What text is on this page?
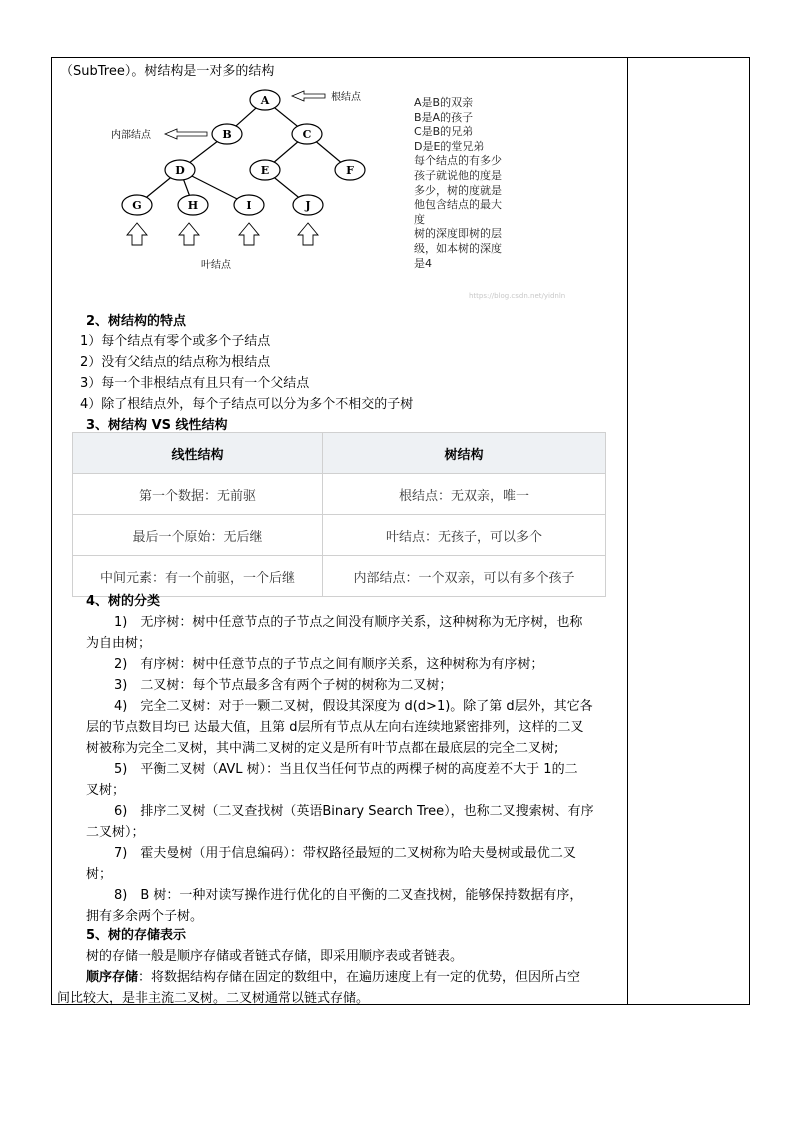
（SubTree）。树结构是一对多的结构
A
B	C
D	E	F
G	H	I	J
根结点
内部结点
叶结点
https://blog.csdn.net/yidnln
A是B的双亲
B是A的孩子
C是B的兄弟
D是E的堂兄弟
每个结点的有多少
孩子就说他的度是
多少，树的度就是
他包含结点的最大
度
树的深度即树的层
级，如本树的深度
是4
2、树结构的特点
1）每个结点有零个或多个子结点
2）没有父结点的结点称为根结点
3）每一个非根结点有且只有一个父结点
4）除了根结点外，每个子结点可以分为多个不相交的子树
3、树结构 VS 线性结构
线性结构	树结构
第一个数据：无前驱	根结点：无双亲，唯一
最后一个原始：无后继	叶结点：无孩子，可以多个
中间元素：有一个前驱，一个后继	内部结点：一个双亲，可以有多个孩子
4、树的分类
1)　无序树：树中任意节点的子节点之间没有顺序关系，这种树称为无序树，也称
为自由树；
2)　有序树：树中任意节点的子节点之间有顺序关系，这种树称为有序树；
3)　二叉树：每个节点最多含有两个子树的树称为二叉树；
4)　完全二叉树：对于一颗二叉树，假设其深度为 d(d>1)。除了第 d层外，其它各
层的节点数目均已 达最大值，且第 d层所有节点从左向右连续地紧密排列，这样的二叉
树被称为完全二叉树，其中满二叉树的定义是所有叶节点都在最底层的完全二叉树;
5)　平衡二叉树（AVL 树）：当且仅当任何节点的两棵子树的高度差不大于 1的二
叉树；
6)　排序二叉树（二叉查找树（英语Binary Search Tree），也称二叉搜索树、有序
二叉树）；
7)　霍夫曼树（用于信息编码）：带权路径最短的二叉树称为哈夫曼树或最优二叉
树；
8)　B 树：一种对读写操作进行优化的自平衡的二叉查找树，能够保持数据有序，
拥有多余两个子树。
5、树的存储表示
树的存储一般是顺序存储或者链式存储，即采用顺序表或者链表。
顺序存储：将数据结构存储在固定的数组中，在遍历速度上有一定的优势，但因所占空
间比较大，是非主流二叉树。二叉树通常以链式存储。
